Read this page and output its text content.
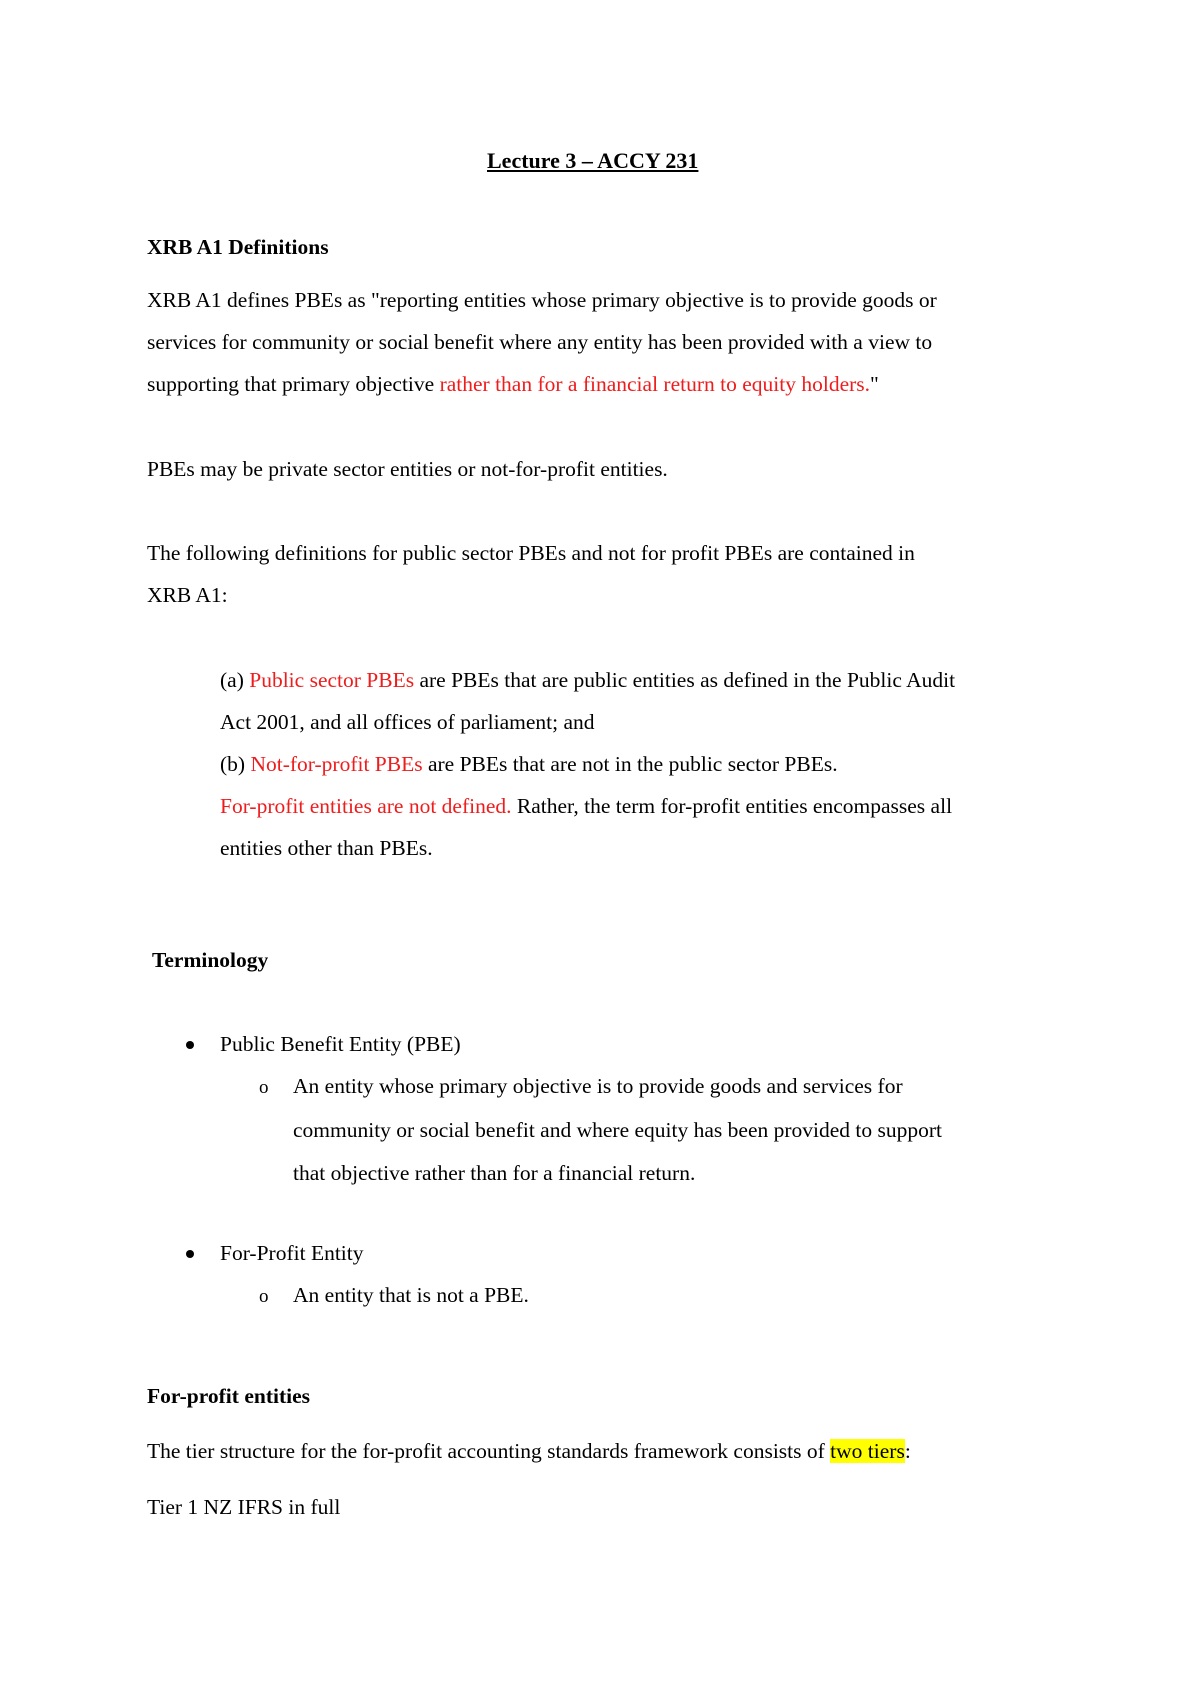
Lecture 3 – ACCY 231
XRB A1 Definitions
XRB A1 defines PBEs as "reporting entities whose primary objective is to provide goods or
services for community or social benefit where any entity has been provided with a view to
supporting that primary objective rather than for a financial return to equity holders."
PBEs may be private sector entities or not-for-profit entities.
The following definitions for public sector PBEs and not for profit PBEs are contained in
XRB A1:
(a) Public sector PBEs are PBEs that are public entities as defined in the Public Audit
Act 2001, and all offices of parliament; and
(b) Not-for-profit PBEs are PBEs that are not in the public sector PBEs.
For-profit entities are not defined. Rather, the term for-profit entities encompasses all
entities other than PBEs.
Terminology
Public Benefit Entity (PBE)
o An entity whose primary objective is to provide goods and services for
community or social benefit and where equity has been provided to support
that objective rather than for a financial return.
For-Profit Entity
o An entity that is not a PBE.
For-profit entities
The tier structure for the for-profit accounting standards framework consists of two tiers:
Tier 1 NZ IFRS in full
